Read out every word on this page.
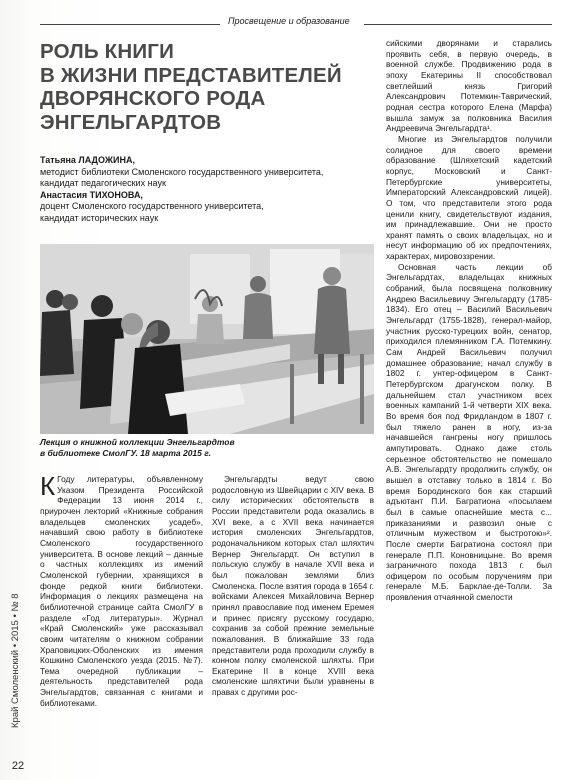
Просвещение и образование
РОЛЬ КНИГИ
В ЖИЗНИ ПРЕДСТАВИТЕЛЕЙ
ДВОРЯНСКОГО РОДА
ЭНГЕЛЬГАРДТОВ
Татьяна ЛАДОЖИНА,
методист библиотеки Смоленского государственного университета,
кандидат педагогических наук
Анастасия ТИХОНОВА,
доцент Смоленского государственного университета,
кандидат исторических наук
Лекция о книжной коллекции Энгельгардтов
в библиотеке СмолГУ. 18 марта 2015 г.

К Году литературы, объявленному Указом Президента Российской Федерации 13 июня 2014 г., приурочен лекторий «Книжные собрания владельцев смоленских усадеб», начавший свою работу в библиотеке Смоленского государственного университета. В основе лекций – данные о частных коллекциях из имений Смоленской губернии, хранящихся в фонде редкой книги библиотеки. Информация о лекциях размещена на библиотечной странице сайта СмолГУ в разделе «Год литературы». Журнал «Край Смоленский» уже рассказывал своим читателям о книжном собрании Храповицких-Оболенских из имения Кошкино Смоленского уезда (2015. №7). Тема очередной публикации – деятельность представителей рода Энгельгардтов, связанная с книгами и библиотеками.

Энгельгардты ведут свою родословную из Швейцарии с XIV века. В силу исторических обстоятельств в России представители рода оказались в XVI веке, а с XVII века начинается история смоленских Энгельгардтов, родоначальником которых стал шляхтич Вернер Энгельгардт. Он вступил в польскую службу в начале XVII века и был пожалован землями близ Смоленска. После взятия города в 1654 г. войсками Алексея Михайловича Вернер принял православие под именем Еремея и принес присягу русскому государю, сохранив за собой прежние земельные пожалования. В ближайшие 33 года представители рода проходили службу в конном полку смоленской шляхты. При Екатерине II в конце XVIII века смоленские шляхтичи были уравнены в правах с другими рос-

сийскими дворянами и старались проявить себя, в первую очередь, в военной службе. Продвижению рода в эпоху Екатерины II способствовал светлейший князь Григорий Александрович Потемкин-Таврический, родная сестра которого Елена (Марфа) вышла замуж за полковника Василия Андреевича Энгельгардта¹.

Многие из Энгельгардтов получили солидное для своего времени образование (Шляхетский кадетский корпус, Московский и Санкт-Петербургские университеты, Императорский Александровский лицей). О том, что представители этого рода ценили книгу, свидетельствуют издания, им принадлежавшие. Они не просто хранят память о своих владельцах, но и несут информацию об их предпочтениях, характерах, мировоззрении.

Основная часть лекции об Энгельгардтах, владельцах книжных собраний, была посвящена полковнику Андрею Васильевичу Энгельгардту (1785-1834). Его отец – Василий Васильевич Энгельгардт (1755-1828), генерал-майор, участник русско-турецких войн, сенатор, приходился племянником Г.А. Потемкину. Сам Андрей Васильевич получил домашнее образование; начал службу в 1802 г. унтер-офицером в Санкт-Петербургском драгунском полку. В дальнейшем стал участником всех военных кампаний 1-й четверти XIX века. Во время боя под Фридландом в 1807 г. был тяжело ранен в ногу, из-за начавшейся гангрены ногу пришлось ампутировать. Однако даже столь серьезное обстоятельство не помешало А.В. Энгельгардту продолжить службу, он вышел в отставку только в 1814 г. Во время Бородинского боя как старший адъютант П.И. Багратиона «посылаем был в самые опаснейшие места с... приказаниями и развозил оные с отличным мужеством и быстротою»². После смерти Багратиона состоял при генерале П.П. Коновницыне. Во время заграничного похода 1813 г. был офицером по особым поручениям при генерале М.Б. Барклае-де-Толли. За проявления отчаянной смелости

Край Смоленский • 2015 • № 8
22
